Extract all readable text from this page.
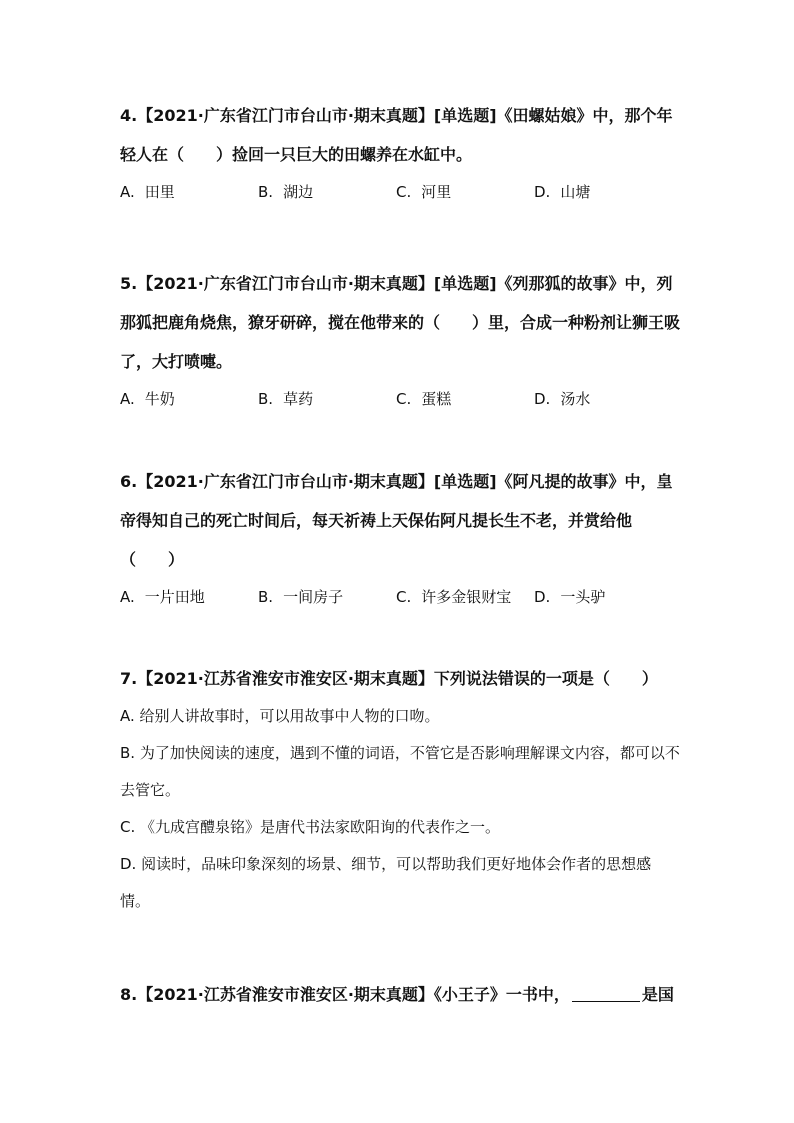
4.【2021·广东省江门市台山市·期末真题】[单选题]《田螺姑娘》中，那个年轻人在（　　）捡回一只巨大的田螺养在水缸中。

A. 田里	B. 湖边	C. 河里	D. 山塘

5.【2021·广东省江门市台山市·期末真题】[单选题]《列那狐的故事》中，列那狐把鹿角烧焦，獠牙研碎，搅在他带来的（　　）里，合成一种粉剂让狮王吸了，大打喷嚏。

A. 牛奶	B. 草药	C. 蛋糕	D. 汤水

6.【2021·广东省江门市台山市·期末真题】[单选题]《阿凡提的故事》中，皇帝得知自己的死亡时间后，每天祈祷上天保佑阿凡提长生不老，并赏给他

（　　）

A. 一片田地	B. 一间房子	C. 许多金银财宝	D. 一头驴

7.【2021·江苏省淮安市淮安区·期末真题】下列说法错误的一项是（　　）

A. 给别人讲故事时，可以用故事中人物的口吻。

B. 为了加快阅读的速度，遇到不懂的词语，不管它是否影响理解课文内容，都可以不去管它。

C. 《九成宫醴泉铭》是唐代书法家欧阳询的代表作之一。

D. 阅读时，品味印象深刻的场景、细节，可以帮助我们更好地体会作者的思想感情。

8.【2021·江苏省淮安市淮安区·期末真题】《小王子》一书中，	是国
